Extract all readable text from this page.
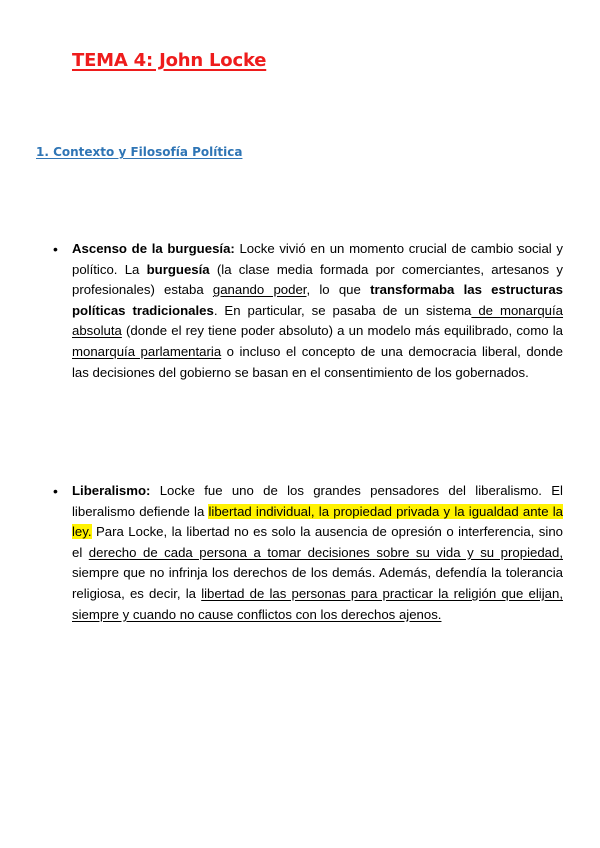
TEMA 4: John Locke
1. Contexto y Filosofía Política
• Ascenso de la burguesía: Locke vivió en un momento crucial de cambio social y político. La burguesía (la clase media formada por comerciantes, artesanos y profesionales) estaba ganando poder, lo que transformaba las estructuras políticas tradicionales. En particular, se pasaba de un sistema de monarquía absoluta (donde el rey tiene poder absoluto) a un modelo más equilibrado, como la monarquía parlamentaria o incluso el concepto de una democracia liberal, donde las decisiones del gobierno se basan en el consentimiento de los gobernados.
• Liberalismo: Locke fue uno de los grandes pensadores del liberalismo. El liberalismo defiende la libertad individual, la propiedad privada y la igualdad ante la ley. Para Locke, la libertad no es solo la ausencia de opresión o interferencia, sino el derecho de cada persona a tomar decisiones sobre su vida y su propiedad, siempre que no infrinja los derechos de los demás. Además, defendía la tolerancia religiosa, es decir, la libertad de las personas para practicar la religión que elijan, siempre y cuando no cause conflictos con los derechos ajenos.
